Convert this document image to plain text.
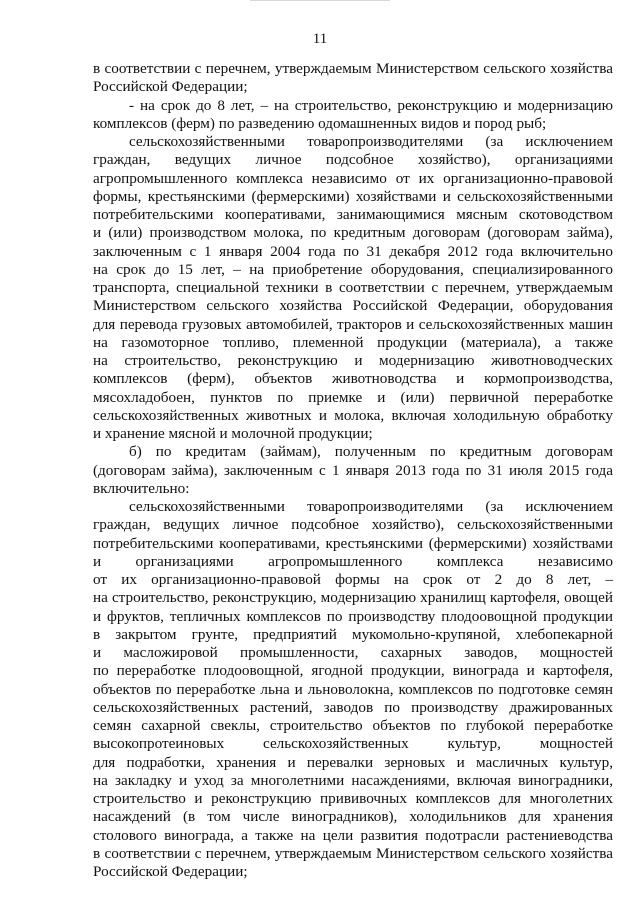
11
в соответствии с перечнем, утверждаемым Министерством сельского хозяйства
Российской Федерации;
- на срок до 8 лет, – на строительство, реконструкцию и модернизацию
комплексов (ферм) по разведению одомашненных видов и пород рыб;
сельскохозяйственными товаропроизводителями (за исключением
граждан, ведущих личное подсобное хозяйство), организациями
агропромышленного комплекса независимо от их организационно-правовой
формы, крестьянскими (фермерскими) хозяйствами и сельскохозяйственными
потребительскими кооперативами, занимающимися мясным скотоводством
и (или) производством молока, по кредитным договорам (договорам займа),
заключенным с 1 января 2004 года по 31 декабря 2012 года включительно
на срок до 15 лет, – на приобретение оборудования, специализированного
транспорта, специальной техники в соответствии с перечнем, утверждаемым
Министерством сельского хозяйства Российской Федерации, оборудования
для перевода грузовых автомобилей, тракторов и сельскохозяйственных машин
на газомоторное топливо, племенной продукции (материала), а также
на строительство, реконструкцию и модернизацию животноводческих
комплексов (ферм), объектов животноводства и кормопроизводства,
мясохладобоен, пунктов по приемке и (или) первичной переработке
сельскохозяйственных животных и молока, включая холодильную обработку
и хранение мясной и молочной продукции;
б) по кредитам (займам), полученным по кредитным договорам
(договорам займа), заключенным с 1 января 2013 года по 31 июля 2015 года
включительно:
сельскохозяйственными товаропроизводителями (за исключением
граждан, ведущих личное подсобное хозяйство), сельскохозяйственными
потребительскими кооперативами, крестьянскими (фермерскими) хозяйствами
и организациями агропромышленного комплекса независимо
от их организационно-правовой формы на срок от 2 до 8 лет, –
на строительство, реконструкцию, модернизацию хранилищ картофеля, овощей
и фруктов, тепличных комплексов по производству плодоовощной продукции
в закрытом грунте, предприятий мукомольно-крупяной, хлебопекарной
и масложировой промышленности, сахарных заводов, мощностей
по переработке плодоовощной, ягодной продукции, винограда и картофеля,
объектов по переработке льна и льноволокна, комплексов по подготовке семян
сельскохозяйственных растений, заводов по производству дражированных
семян сахарной свеклы, строительство объектов по глубокой переработке
высокопротеиновых сельскохозяйственных культур, мощностей
для подработки, хранения и перевалки зерновых и масличных культур,
на закладку и уход за многолетними насаждениями, включая виноградники,
строительство и реконструкцию прививочных комплексов для многолетних
насаждений (в том числе виноградников), холодильников для хранения
столового винограда, а также на цели развития подотрасли растениеводства
в соответствии с перечнем, утверждаемым Министерством сельского хозяйства
Российской Федерации;
